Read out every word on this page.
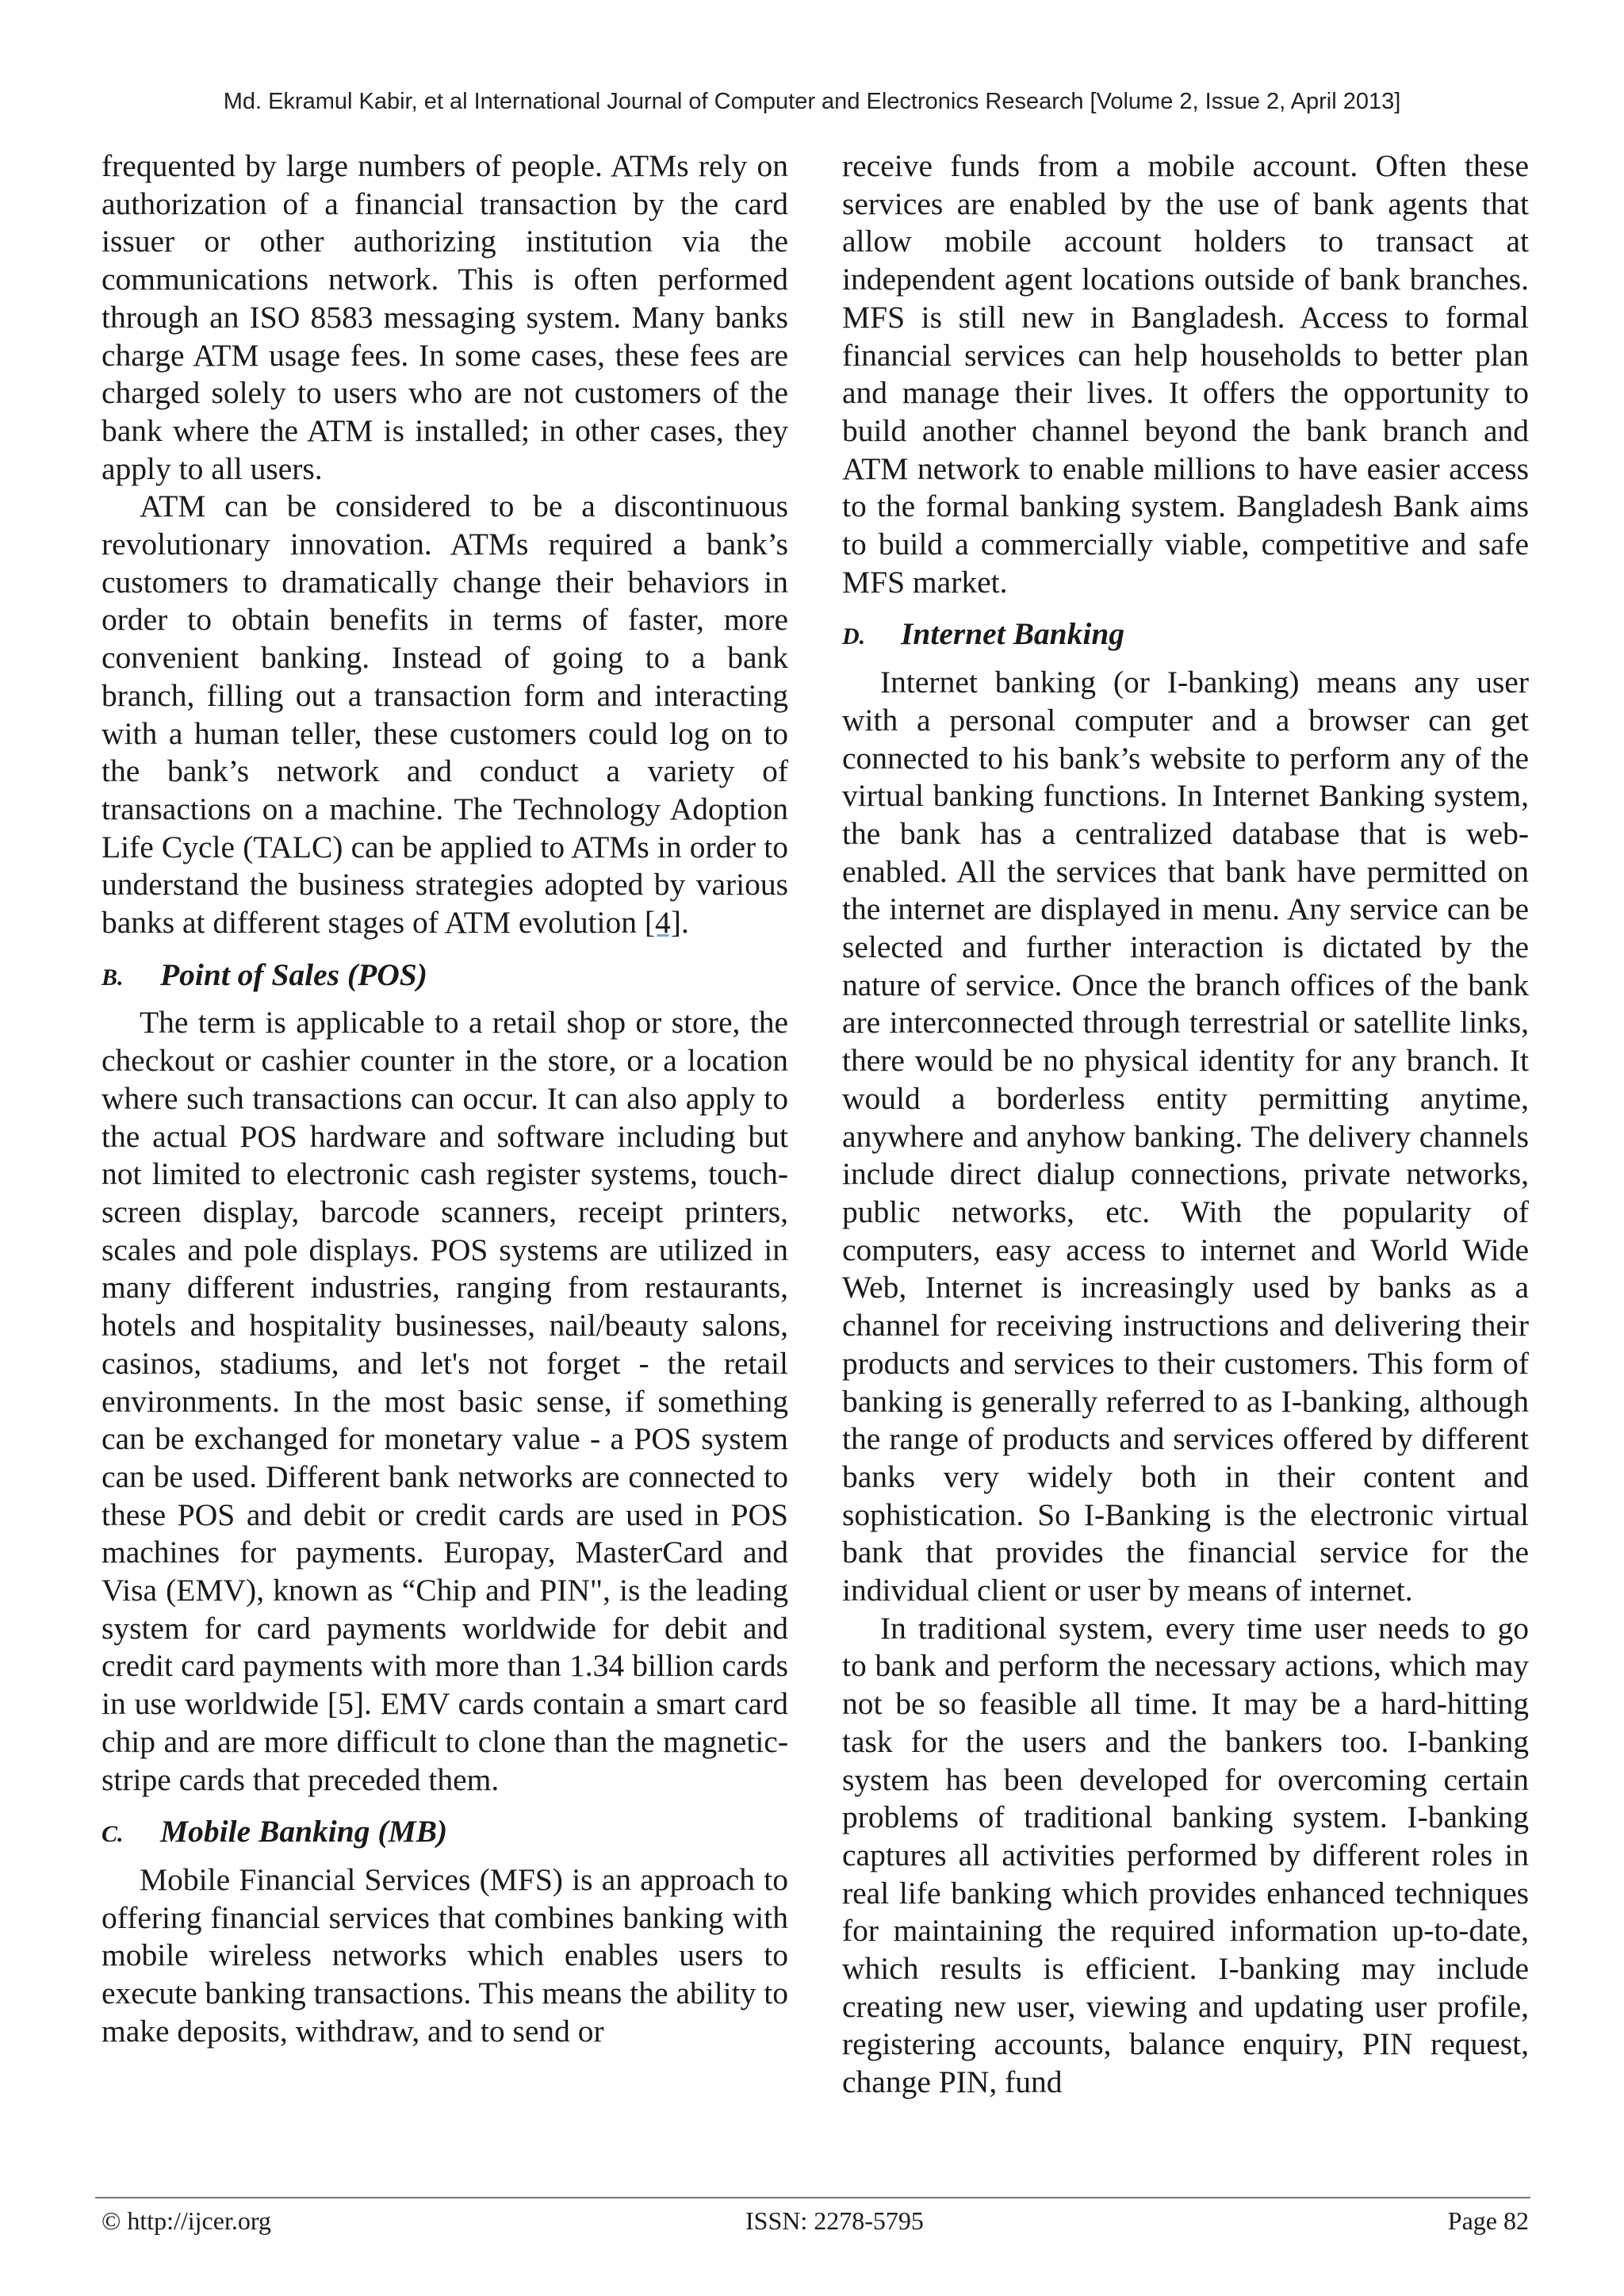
Md. Ekramul Kabir, et al International Journal of Computer and Electronics Research [Volume 2, Issue 2, April 2013]

frequented by large numbers of people. ATMs rely on authorization of a financial transaction by the card issuer or other authorizing institution via the communications network. This is often performed through an ISO 8583 messaging system. Many banks charge ATM usage fees. In some cases, these fees are charged solely to users who are not customers of the bank where the ATM is installed; in other cases, they apply to all users.

ATM can be considered to be a discontinuous revolutionary innovation. ATMs required a bank’s customers to dramatically change their behaviors in order to obtain benefits in terms of faster, more convenient banking. Instead of going to a bank branch, filling out a transaction form and interacting with a human teller, these customers could log on to the bank’s network and conduct a variety of transactions on a machine. The Technology Adoption Life Cycle (TALC) can be applied to ATMs in order to understand the business strategies adopted by various banks at different stages of ATM evolution [4].

B. Point of Sales (POS)

The term is applicable to a retail shop or store, the checkout or cashier counter in the store, or a location where such transactions can occur. It can also apply to the actual POS hardware and software including but not limited to electronic cash register systems, touch-screen display, barcode scanners, receipt printers, scales and pole displays. POS systems are utilized in many different industries, ranging from restaurants, hotels and hospitality businesses, nail/beauty salons, casinos, stadiums, and let's not forget - the retail environments. In the most basic sense, if something can be exchanged for monetary value - a POS system can be used. Different bank networks are connected to these POS and debit or credit cards are used in POS machines for payments. Europay, MasterCard and Visa (EMV), known as “Chip and PIN", is the leading system for card payments worldwide for debit and credit card payments with more than 1.34 billion cards in use worldwide [5]. EMV cards contain a smart card chip and are more difficult to clone than the magnetic-stripe cards that preceded them.

C. Mobile Banking (MB)

Mobile Financial Services (MFS) is an approach to offering financial services that combines banking with mobile wireless networks which enables users to execute banking transactions. This means the ability to make deposits, withdraw, and to send or

receive funds from a mobile account. Often these services are enabled by the use of bank agents that allow mobile account holders to transact at independent agent locations outside of bank branches. MFS is still new in Bangladesh. Access to formal financial services can help households to better plan and manage their lives. It offers the opportunity to build another channel beyond the bank branch and ATM network to enable millions to have easier access to the formal banking system. Bangladesh Bank aims to build a commercially viable, competitive and safe MFS market.

D. Internet Banking

Internet banking (or I-banking) means any user with a personal computer and a browser can get connected to his bank’s website to perform any of the virtual banking functions. In Internet Banking system, the bank has a centralized database that is web-enabled. All the services that bank have permitted on the internet are displayed in menu. Any service can be selected and further interaction is dictated by the nature of service. Once the branch offices of the bank are interconnected through terrestrial or satellite links, there would be no physical identity for any branch. It would a borderless entity permitting anytime, anywhere and anyhow banking. The delivery channels include direct dialup connections, private networks, public networks, etc. With the popularity of computers, easy access to internet and World Wide Web, Internet is increasingly used by banks as a channel for receiving instructions and delivering their products and services to their customers. This form of banking is generally referred to as I-banking, although the range of products and services offered by different banks very widely both in their content and sophistication. So I-Banking is the electronic virtual bank that provides the financial service for the individual client or user by means of internet.

In traditional system, every time user needs to go to bank and perform the necessary actions, which may not be so feasible all time. It may be a hard-hitting task for the users and the bankers too. I-banking system has been developed for overcoming certain problems of traditional banking system. I-banking captures all activities performed by different roles in real life banking which provides enhanced techniques for maintaining the required information up-to-date, which results is efficient. I-banking may include creating new user, viewing and updating user profile, registering accounts, balance enquiry, PIN request, change PIN, fund

© http://ijcer.org	ISSN: 2278-5795	Page 82
